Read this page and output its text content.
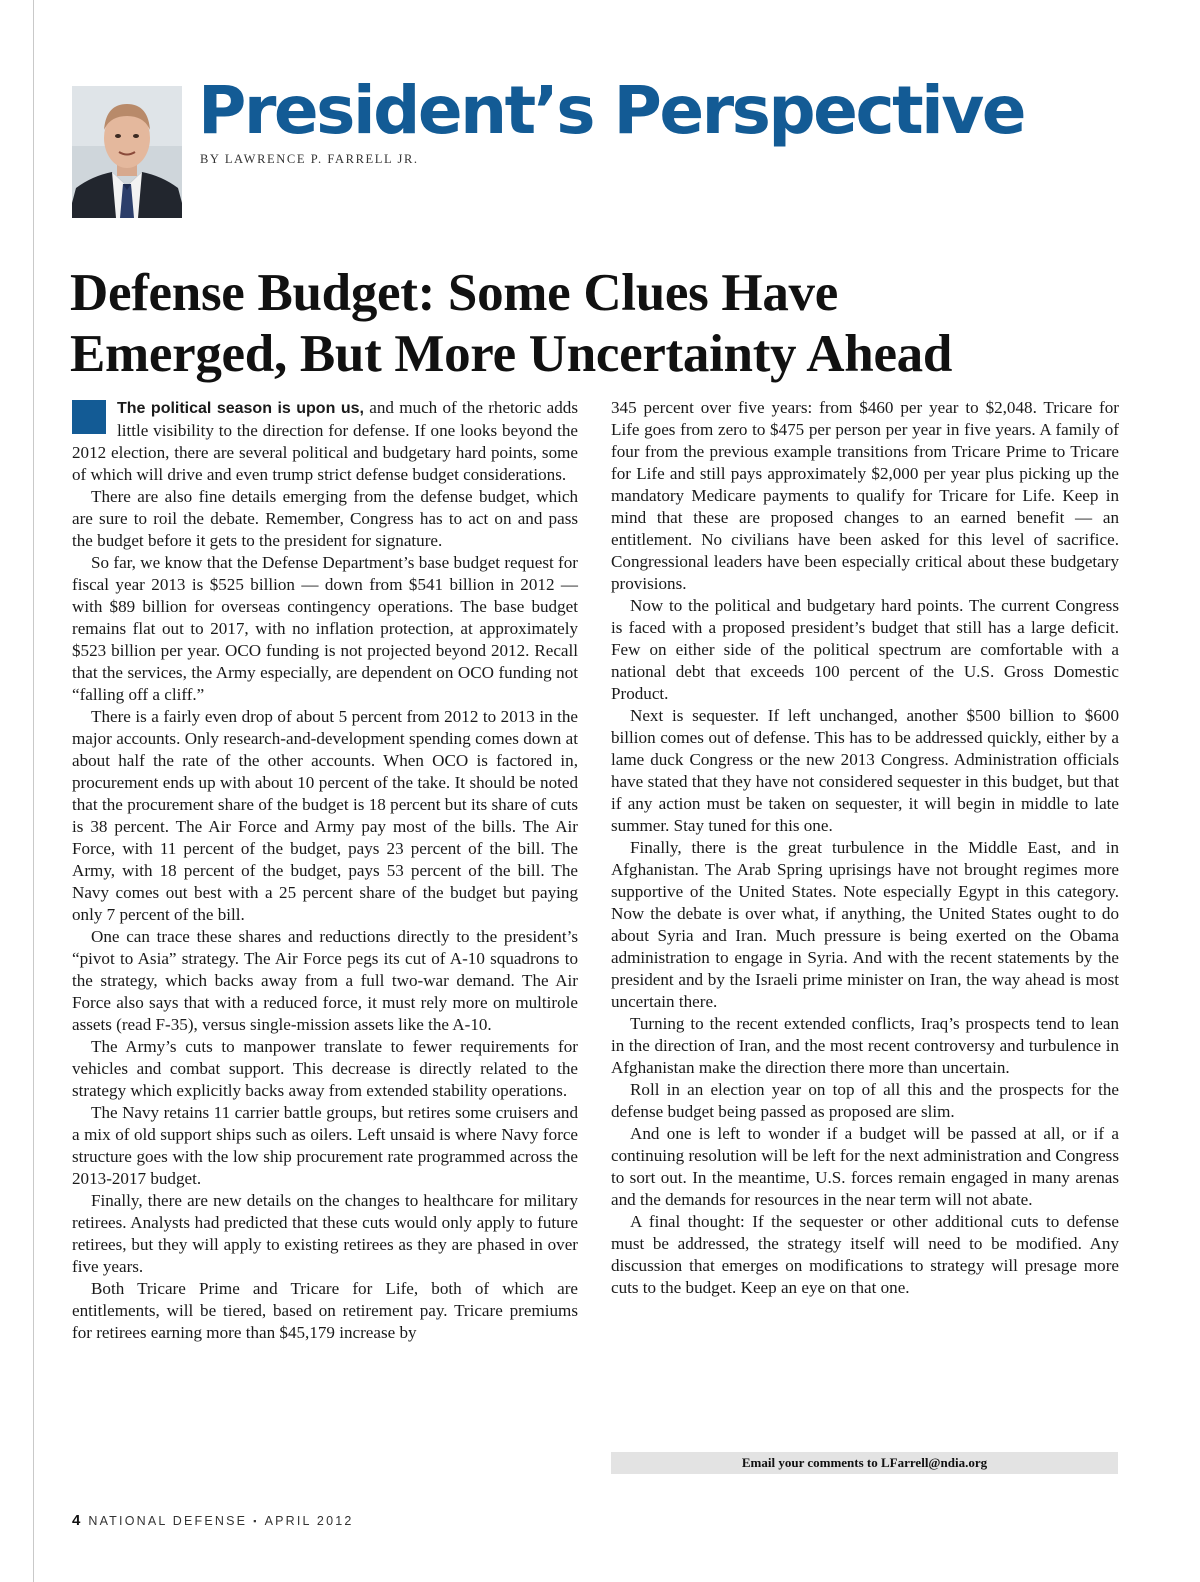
President’s Perspective
BY LAWRENCE P. FARRELL JR.
Defense Budget: Some Clues Have
Emerged, But More Uncertainty Ahead

The political season is upon us, and much of the rhetoric adds little visibility to the direction for defense. If one looks beyond the 2012 election, there are several political and budgetary hard points, some of which will drive and even trump strict defense budget considerations.

There are also fine details emerging from the defense budget, which are sure to roil the debate. Remember, Congress has to act on and pass the budget before it gets to the president for signature.

So far, we know that the Defense Department’s base budget request for fiscal year 2013 is $525 billion — down from $541 billion in 2012 — with $89 billion for overseas contingency operations. The base budget remains flat out to 2017, with no inflation protection, at approximately $523 billion per year. OCO funding is not projected beyond 2012. Recall that the services, the Army especially, are dependent on OCO funding not “falling off a cliff.”

There is a fairly even drop of about 5 percent from 2012 to 2013 in the major accounts. Only research-and-development spending comes down at about half the rate of the other accounts. When OCO is factored in, procurement ends up with about 10 percent of the take. It should be noted that the procurement share of the budget is 18 percent but its share of cuts is 38 percent. The Air Force and Army pay most of the bills. The Air Force, with 11 percent of the budget, pays 23 percent of the bill. The Army, with 18 percent of the budget, pays 53 percent of the bill. The Navy comes out best with a 25 percent share of the budget but paying only 7 percent of the bill.

One can trace these shares and reductions directly to the president’s “pivot to Asia” strategy. The Air Force pegs its cut of A-10 squadrons to the strategy, which backs away from a full two-war demand. The Air Force also says that with a reduced force, it must rely more on multirole assets (read F-35), versus single-mission assets like the A-10.

The Army’s cuts to manpower translate to fewer requirements for vehicles and combat support. This decrease is directly related to the strategy which explicitly backs away from extended stability operations.

The Navy retains 11 carrier battle groups, but retires some cruisers and a mix of old support ships such as oilers. Left unsaid is where Navy force structure goes with the low ship procurement rate programmed across the 2013-2017 budget.

Finally, there are new details on the changes to healthcare for military retirees. Analysts had predicted that these cuts would only apply to future retirees, but they will apply to existing retirees as they are phased in over five years.

Both Tricare Prime and Tricare for Life, both of which are entitlements, will be tiered, based on retirement pay. Tricare premiums for retirees earning more than $45,179 increase by

345 percent over five years: from $460 per year to $2,048. Tricare for Life goes from zero to $475 per person per year in five years. A family of four from the previous example transitions from Tricare Prime to Tricare for Life and still pays approximately $2,000 per year plus picking up the mandatory Medicare payments to qualify for Tricare for Life. Keep in mind that these are proposed changes to an earned benefit — an entitlement. No civilians have been asked for this level of sacrifice. Congressional leaders have been especially critical about these budgetary provisions.

Now to the political and budgetary hard points. The current Congress is faced with a proposed president’s budget that still has a large deficit. Few on either side of the political spectrum are comfortable with a national debt that exceeds 100 percent of the U.S. Gross Domestic Product.

Next is sequester. If left unchanged, another $500 billion to $600 billion comes out of defense. This has to be addressed quickly, either by a lame duck Congress or the new 2013 Congress. Administration officials have stated that they have not considered sequester in this budget, but that if any action must be taken on sequester, it will begin in middle to late summer. Stay tuned for this one.

Finally, there is the great turbulence in the Middle East, and in Afghanistan. The Arab Spring uprisings have not brought regimes more supportive of the United States. Note especially Egypt in this category. Now the debate is over what, if anything, the United States ought to do about Syria and Iran. Much pressure is being exerted on the Obama administration to engage in Syria. And with the recent statements by the president and by the Israeli prime minister on Iran, the way ahead is most uncertain there.

Turning to the recent extended conflicts, Iraq’s prospects tend to lean in the direction of Iran, and the most recent controversy and turbulence in Afghanistan make the direction there more than uncertain.

Roll in an election year on top of all this and the prospects for the defense budget being passed as proposed are slim.

And one is left to wonder if a budget will be passed at all, or if a continuing resolution will be left for the next administration and Congress to sort out. In the meantime, U.S. forces remain engaged in many arenas and the demands for resources in the near term will not abate.

A final thought: If the sequester or other additional cuts to defense must be addressed, the strategy itself will need to be modified. Any discussion that emerges on modifications to strategy will presage more cuts to the budget. Keep an eye on that one.

Email your comments to LFarrell@ndia.org
4 NATIONAL DEFENSE ▪ APRIL 2012
